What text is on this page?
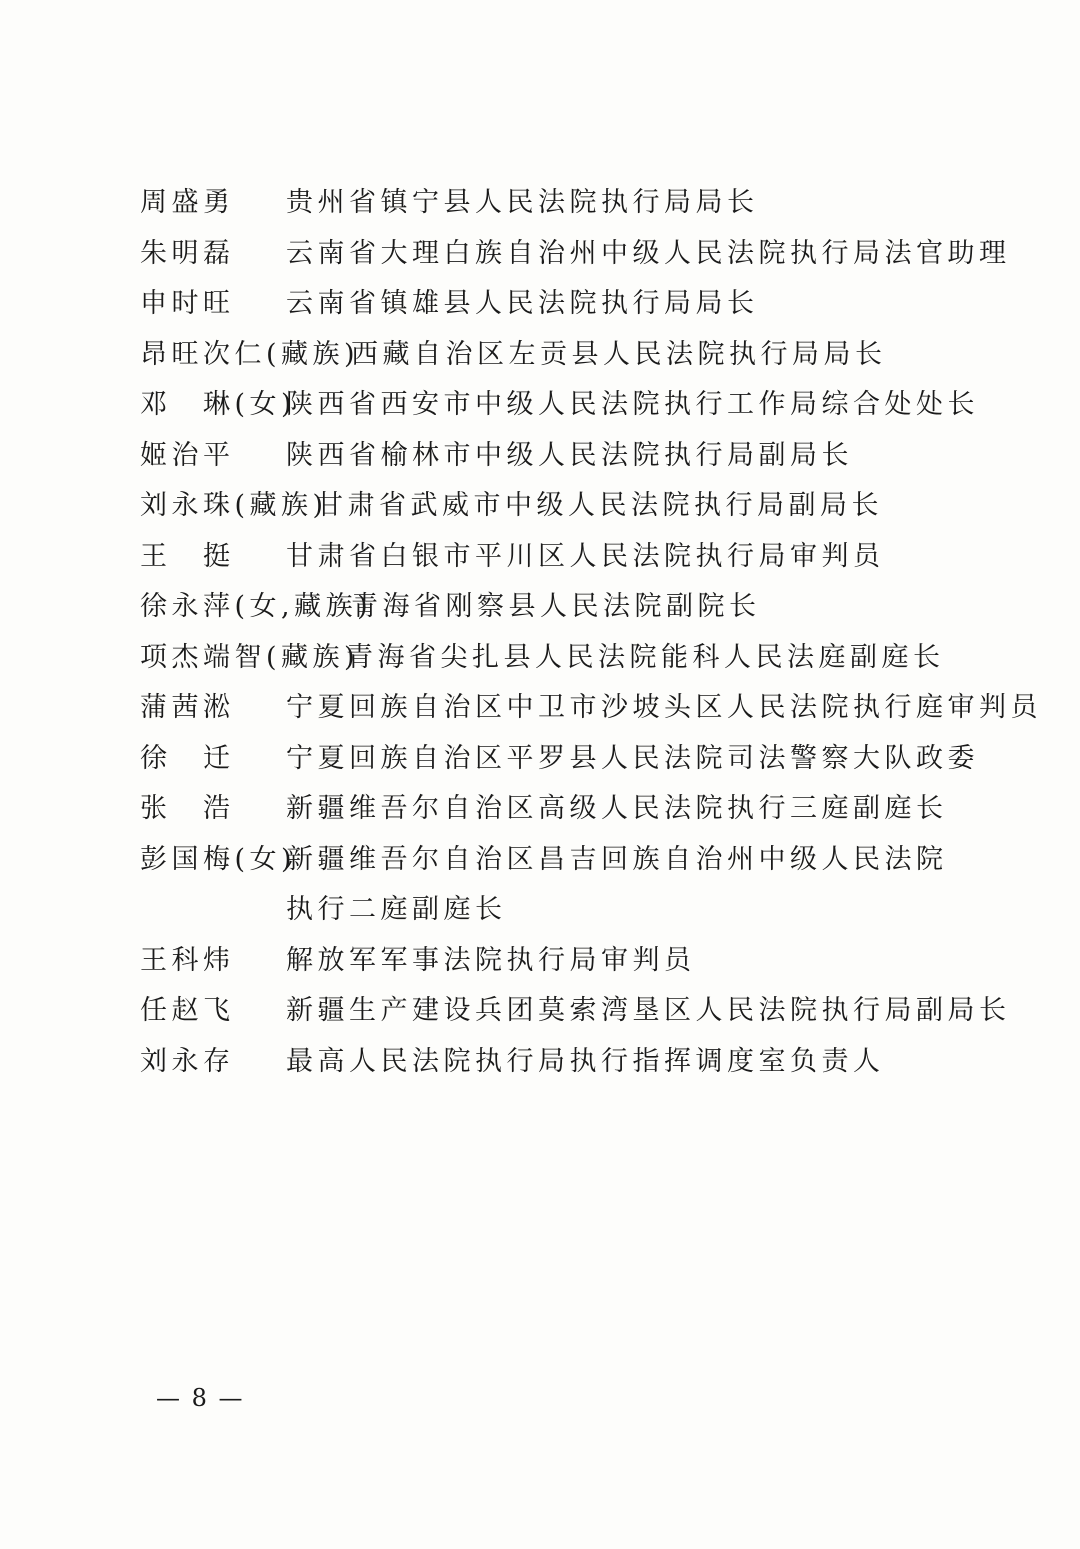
周盛勇 贵州省镇宁县人民法院执行局局长
朱明磊 云南省大理白族自治州中级人民法院执行局法官助理
申时旺 云南省镇雄县人民法院执行局局长
昂旺次仁(藏族)
西藏自治区左贡县人民法院执行局局长
邓　琳(女)
陕西省西安市中级人民法院执行工作局综合处处长
姬治平 陕西省榆林市中级人民法院执行局副局长
刘永珠(藏族)
甘肃省武威市中级人民法院执行局副局长
王　挺 甘肃省白银市平川区人民法院执行局审判员
徐永萍(女,藏族)
青海省刚察县人民法院副院长
项杰端智(藏族)
青海省尖扎县人民法院能科人民法庭副庭长
蒲茜淞 宁夏回族自治区中卫市沙坡头区人民法院执行庭审判员
徐　迁 宁夏回族自治区平罗县人民法院司法警察大队政委
张　浩 新疆维吾尔自治区高级人民法院执行三庭副庭长
彭国梅(女)
新疆维吾尔自治区昌吉回族自治州中级人民法院执行二庭副庭长
王科炜 解放军军事法院执行局审判员
任赵飞 新疆生产建设兵团莫索湾垦区人民法院执行局副局长
刘永存 最高人民法院执行局执行指挥调度室负责人
— 8 —
